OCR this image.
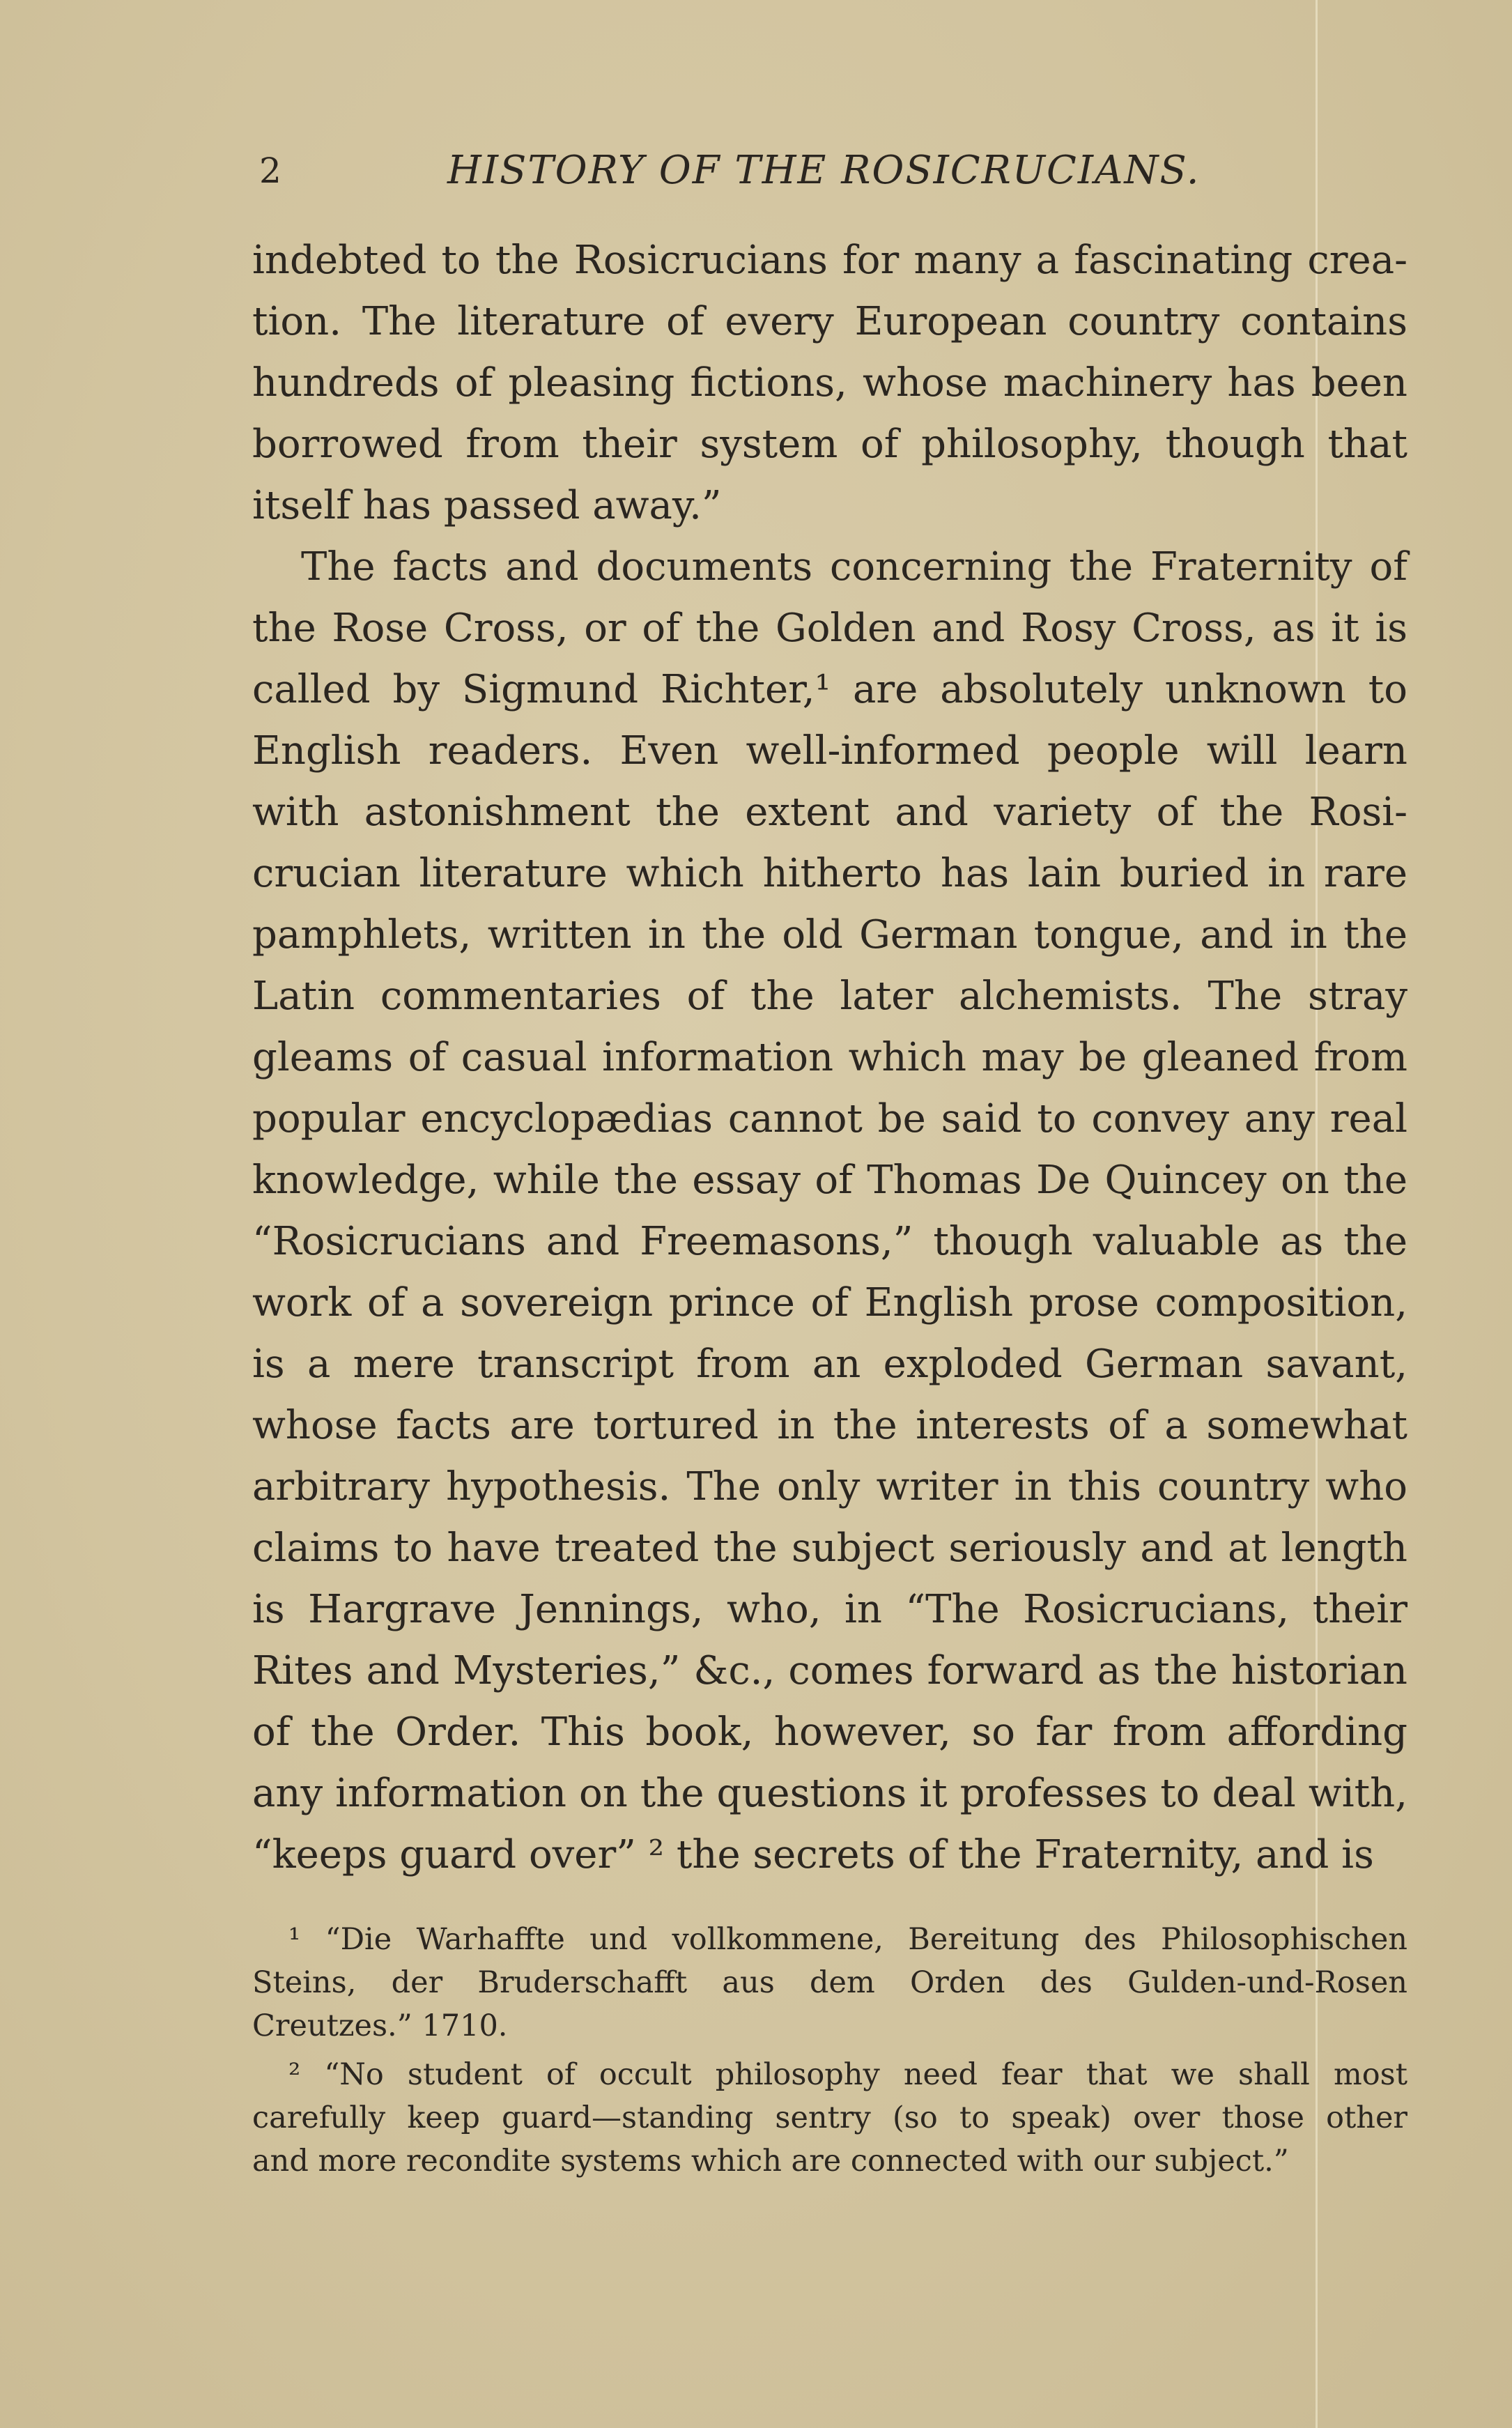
2	HISTORY OF THE ROSICRUCIANS.
indebted to the Rosicrucians for many a fascinating crea-
tion. The literature of every European country contains
hundreds of pleasing fictions, whose machinery has been
borrowed from their system of philosophy, though that
itself has passed away.”
The facts and documents concerning the Fraternity of
the Rose Cross, or of the Golden and Rosy Cross, as it is
called by Sigmund Richter,¹ are absolutely unknown to
English readers. Even well-informed people will learn
with astonishment the extent and variety of the Rosi-
crucian literature which hitherto has lain buried in rare
pamphlets, written in the old German tongue, and in the
Latin commentaries of the later alchemists. The stray
gleams of casual information which may be gleaned from
popular encyclopædias cannot be said to convey any real
knowledge, while the essay of Thomas De Quincey on the
“Rosicrucians and Freemasons,” though valuable as the
work of a sovereign prince of English prose composition,
is a mere transcript from an exploded German savant,
whose facts are tortured in the interests of a somewhat
arbitrary hypothesis. The only writer in this country who
claims to have treated the subject seriously and at length
is Hargrave Jennings, who, in “The Rosicrucians, their
Rites and Mysteries,” &c., comes forward as the historian
of the Order. This book, however, so far from affording
any information on the questions it professes to deal with,
“keeps guard over” ² the secrets of the Fraternity, and is
¹ “Die Warhaffte und vollkommene, Bereitung des Philosophischen
Steins, der Bruderschafft aus dem Orden des Gulden-und-Rosen
Creutzes.” 1710.
² “No student of occult philosophy need fear that we shall most
carefully keep guard—standing sentry (so to speak) over those other
and more recondite systems which are connected with our subject.”
